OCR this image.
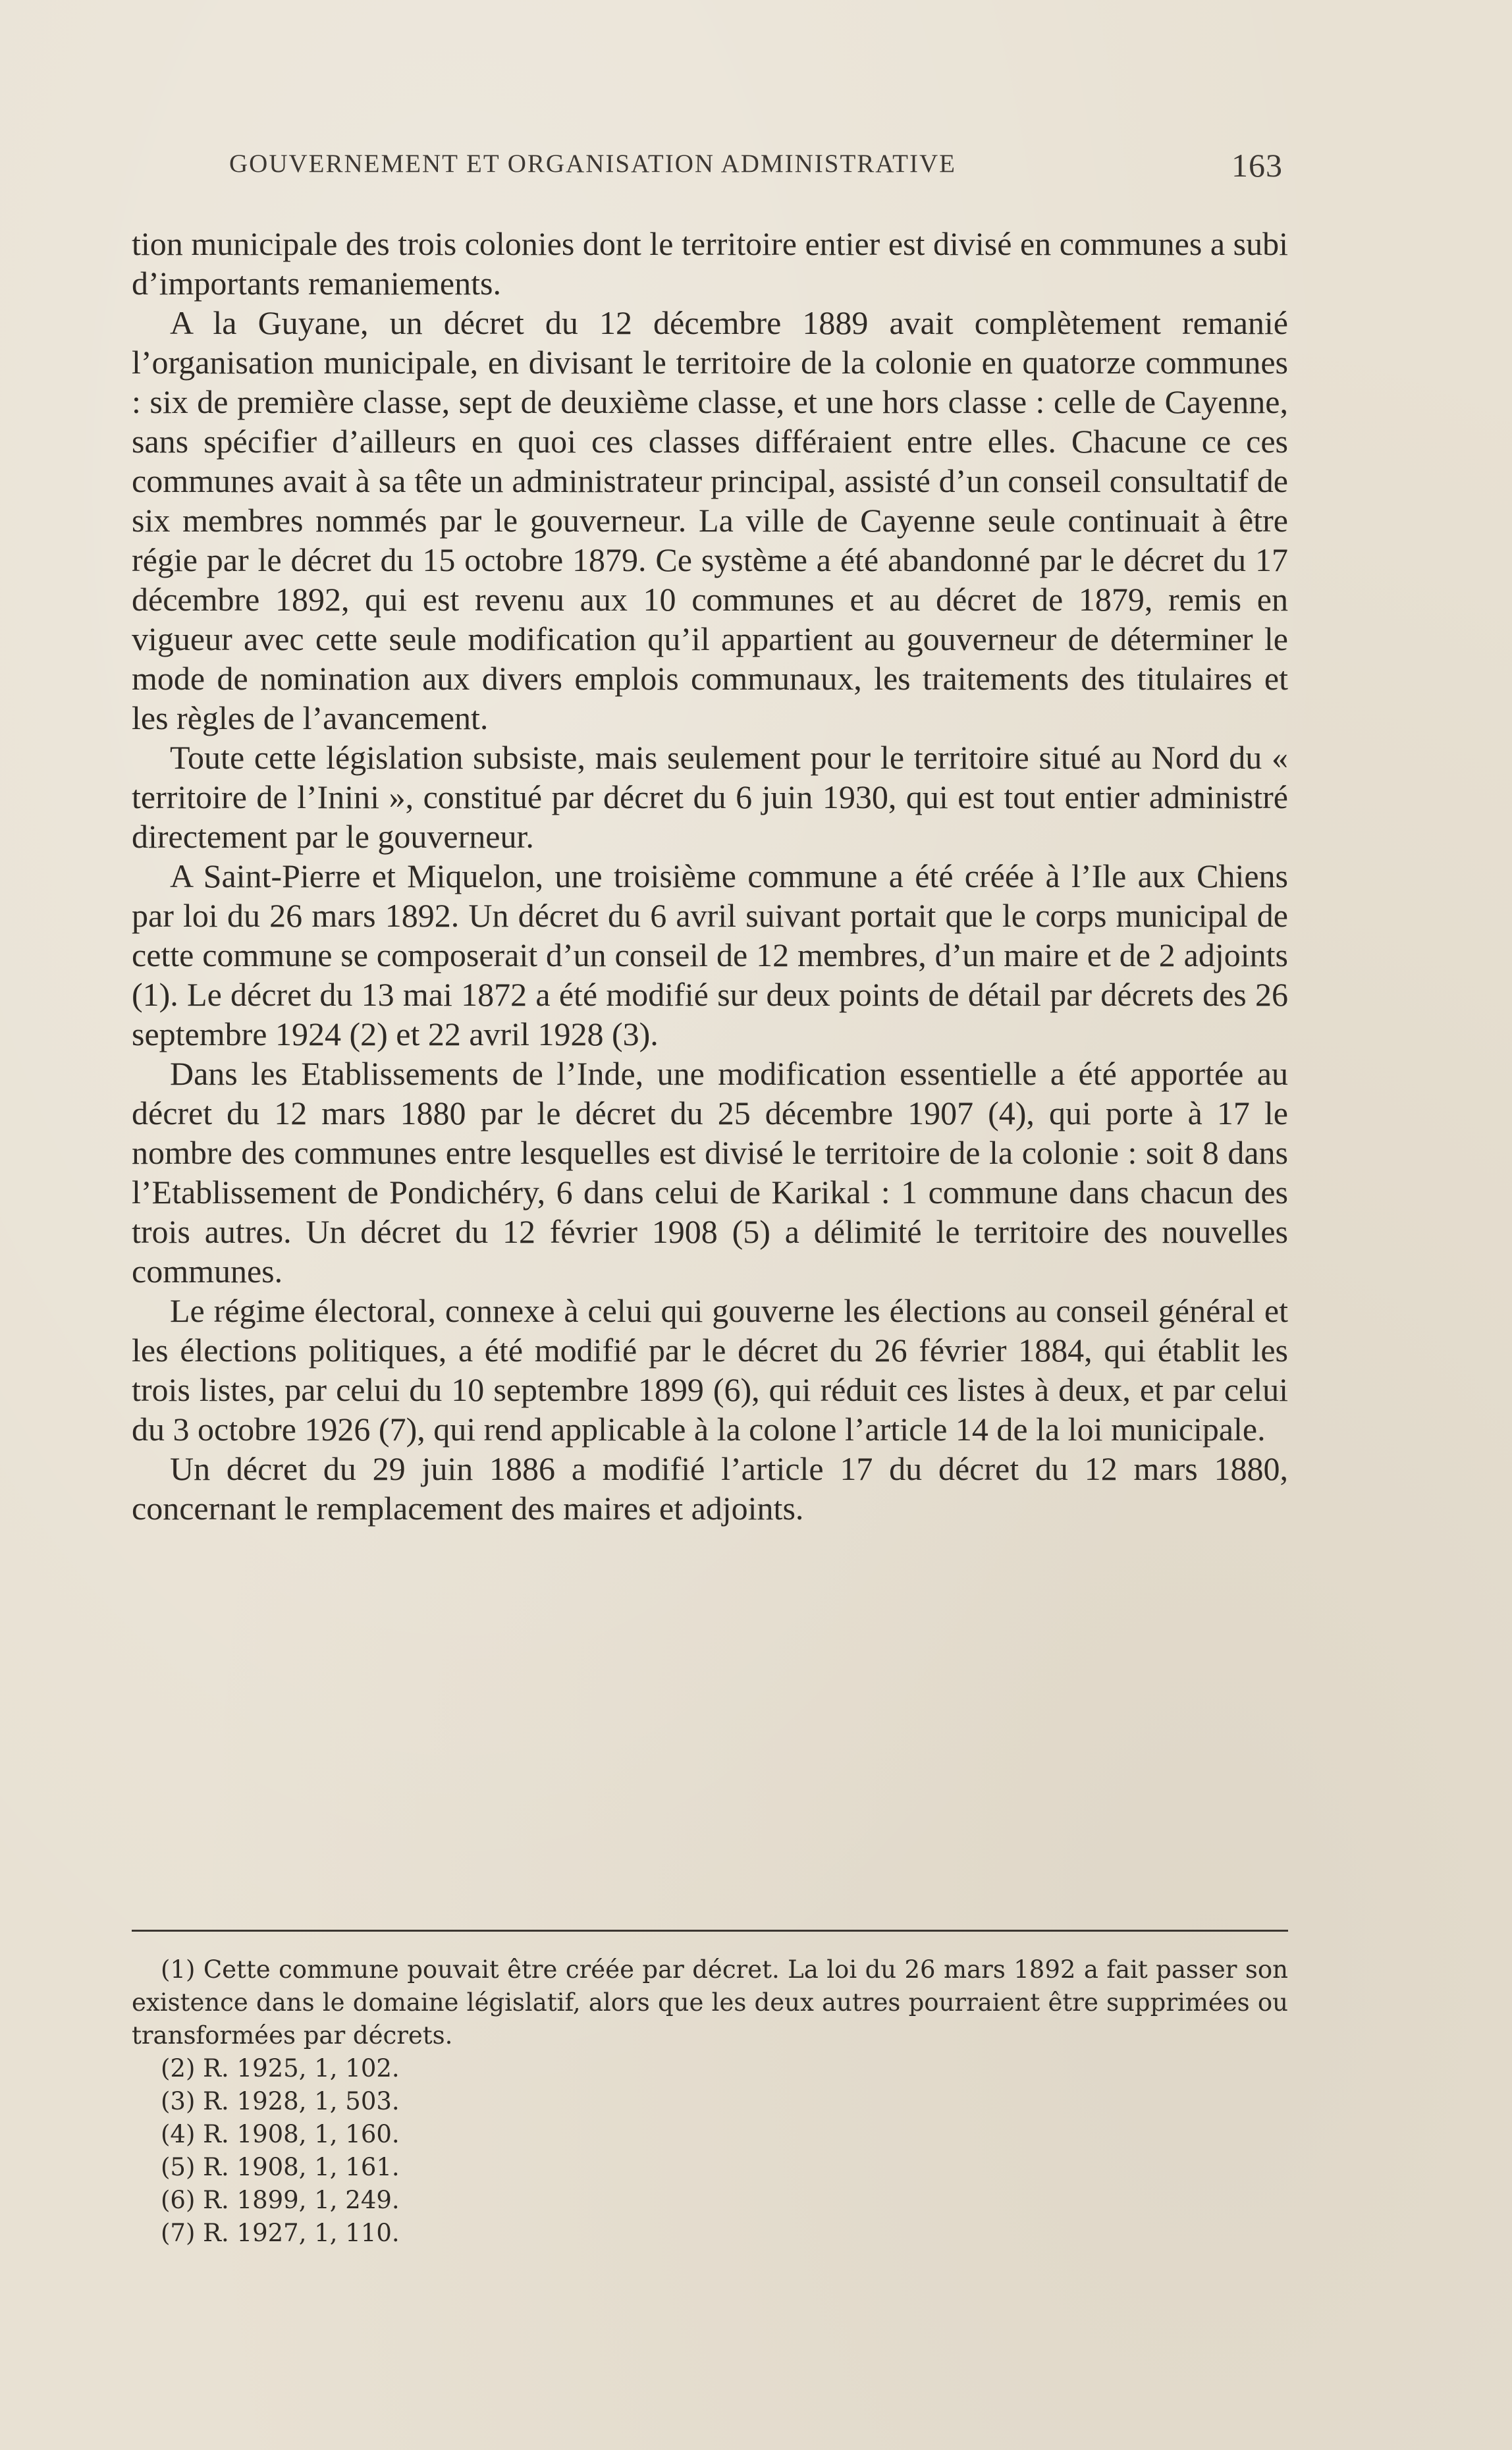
GOUVERNEMENT ET ORGANISATION ADMINISTRATIVE	163

tion municipale des trois colonies dont le territoire entier est divisé en communes a subi d’importants remaniements.

A la Guyane, un décret du 12 décembre 1889 avait complètement remanié l’organisation municipale, en divisant le territoire de la colonie en quatorze communes : six de première classe, sept de deuxième classe, et une hors classe : celle de Cayenne, sans spécifier d’ailleurs en quoi ces classes différaient entre elles. Chacune ce ces communes avait à sa tête un administrateur principal, assisté d’un conseil consultatif de six membres nommés par le gouverneur. La ville de Cayenne seule continuait à être régie par le décret du 15 octobre 1879. Ce système a été abandonné par le décret du 17 décembre 1892, qui est revenu aux 10 communes et au décret de 1879, remis en vigueur avec cette seule modification qu’il appartient au gouverneur de déterminer le mode de nomination aux divers emplois communaux, les traitements des titulaires et les règles de l’avancement.

Toute cette législation subsiste, mais seulement pour le territoire situé au Nord du « territoire de l’Inini », constitué par décret du 6 juin 1930, qui est tout entier administré directement par le gouverneur.

A Saint-Pierre et Miquelon, une troisième commune a été créée à l’Ile aux Chiens par loi du 26 mars 1892. Un décret du 6 avril suivant portait que le corps municipal de cette commune se composerait d’un conseil de 12 membres, d’un maire et de 2 adjoints (1). Le décret du 13 mai 1872 a été modifié sur deux points de détail par décrets des 26 septembre 1924 (2) et 22 avril 1928 (3).

Dans les Etablissements de l’Inde, une modification essentielle a été apportée au décret du 12 mars 1880 par le décret du 25 décembre 1907 (4), qui porte à 17 le nombre des communes entre lesquelles est divisé le territoire de la colonie : soit 8 dans l’Etablissement de Pondichéry, 6 dans celui de Karikal : 1 commune dans chacun des trois autres. Un décret du 12 février 1908 (5) a délimité le territoire des nouvelles communes.

Le régime électoral, connexe à celui qui gouverne les élections au conseil général et les élections politiques, a été modifié par le décret du 26 février 1884, qui établit les trois listes, par celui du 10 septembre 1899 (6), qui réduit ces listes à deux, et par celui du 3 octobre 1926 (7), qui rend applicable à la colone l’article 14 de la loi municipale.

Un décret du 29 juin 1886 a modifié l’article 17 du décret du 12 mars 1880, concernant le remplacement des maires et adjoints.

(1) Cette commune pouvait être créée par décret. La loi du 26 mars 1892 a fait passer son existence dans le domaine législatif, alors que les deux autres pourraient être supprimées ou transformées par décrets.

(2) R. 1925, 1, 102.

(3) R. 1928, 1, 503.

(4) R. 1908, 1, 160.

(5) R. 1908, 1, 161.

(6) R. 1899, 1, 249.

(7) R. 1927, 1, 110.
